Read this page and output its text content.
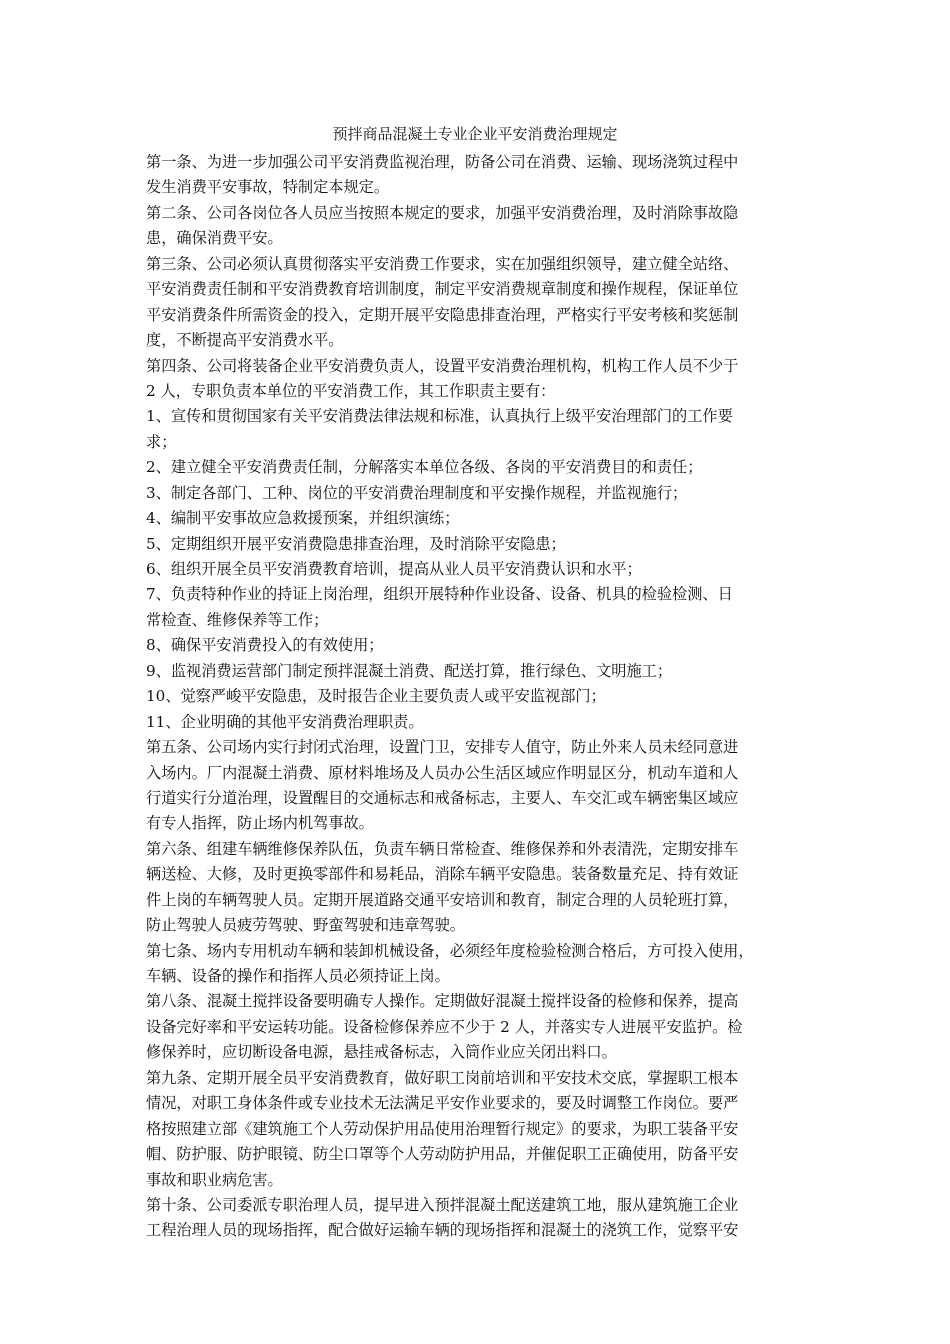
预拌商品混凝土专业企业平安消费治理规定
第一条、为进一步加强公司平安消费监视治理，防备公司在消费、运输、现场浇筑过程中
发生消费平安事故，特制定本规定。
第二条、公司各岗位各人员应当按照本规定的要求，加强平安消费治理，及时消除事故隐
患，确保消费平安。
第三条、公司必须认真贯彻落实平安消费工作要求，实在加强组织领导，建立健全站络、
平安消费责任制和平安消费教育培训制度，制定平安消费规章制度和操作规程，保证单位
平安消费条件所需资金的投入，定期开展平安隐患排查治理，严格实行平安考核和奖惩制
度，不断提高平安消费水平。
第四条、公司将装备企业平安消费负责人，设置平安消费治理机构，机构工作人员不少于
2 人，专职负责本单位的平安消费工作，其工作职责主要有：
1、宣传和贯彻国家有关平安消费法律法规和标准，认真执行上级平安治理部门的工作要
求；
2、建立健全平安消费责任制，分解落实本单位各级、各岗的平安消费目的和责任；
3、制定各部门、工种、岗位的平安消费治理制度和平安操作规程，并监视施行；
4、编制平安事故应急救援预案，并组织演练；
5、定期组织开展平安消费隐患排查治理，及时消除平安隐患；
6、组织开展全员平安消费教育培训，提高从业人员平安消费认识和水平；
7、负责特种作业的持证上岗治理，组织开展特种作业设备、设备、机具的检验检测、日
常检查、维修保养等工作；
8、确保平安消费投入的有效使用；
9、监视消费运营部门制定预拌混凝土消费、配送打算，推行绿色、文明施工；
10、觉察严峻平安隐患，及时报告企业主要负责人或平安监视部门；
11、企业明确的其他平安消费治理职责。
第五条、公司场内实行封闭式治理，设置门卫，安排专人值守，防止外来人员未经同意进
入场内。厂内混凝土消费、原材料堆场及人员办公生活区域应作明显区分，机动车道和人
行道实行分道治理，设置醒目的交通标志和戒备标志，主要人、车交汇或车辆密集区域应
有专人指挥，防止场内机驾事故。
第六条、组建车辆维修保养队伍，负责车辆日常检查、维修保养和外表清洗，定期安排车
辆送检、大修，及时更换零部件和易耗品，消除车辆平安隐患。装备数量充足、持有效证
件上岗的车辆驾驶人员。定期开展道路交通平安培训和教育，制定合理的人员轮班打算，
防止驾驶人员疲劳驾驶、野蛮驾驶和违章驾驶。
第七条、场内专用机动车辆和装卸机械设备，必须经年度检验检测合格后，方可投入使用，
车辆、设备的操作和指挥人员必须持证上岗。
第八条、混凝土搅拌设备要明确专人操作。定期做好混凝土搅拌设备的检修和保养，提高
设备完好率和平安运转功能。设备检修保养应不少于 2 人，并落实专人进展平安监护。检
修保养时，应切断设备电源，悬挂戒备标志，入筒作业应关闭出料口。
第九条、定期开展全员平安消费教育，做好职工岗前培训和平安技术交底，掌握职工根本
情况，对职工身体条件或专业技术无法满足平安作业要求的，要及时调整工作岗位。要严
格按照建立部《建筑施工个人劳动保护用品使用治理暂行规定》的要求，为职工装备平安
帽、防护服、防护眼镜、防尘口罩等个人劳动防护用品，并催促职工正确使用，防备平安
事故和职业病危害。
第十条、公司委派专职治理人员，提早进入预拌混凝土配送建筑工地，服从建筑施工企业
工程治理人员的现场指挥，配合做好运输车辆的现场指挥和混凝土的浇筑工作，觉察平安
